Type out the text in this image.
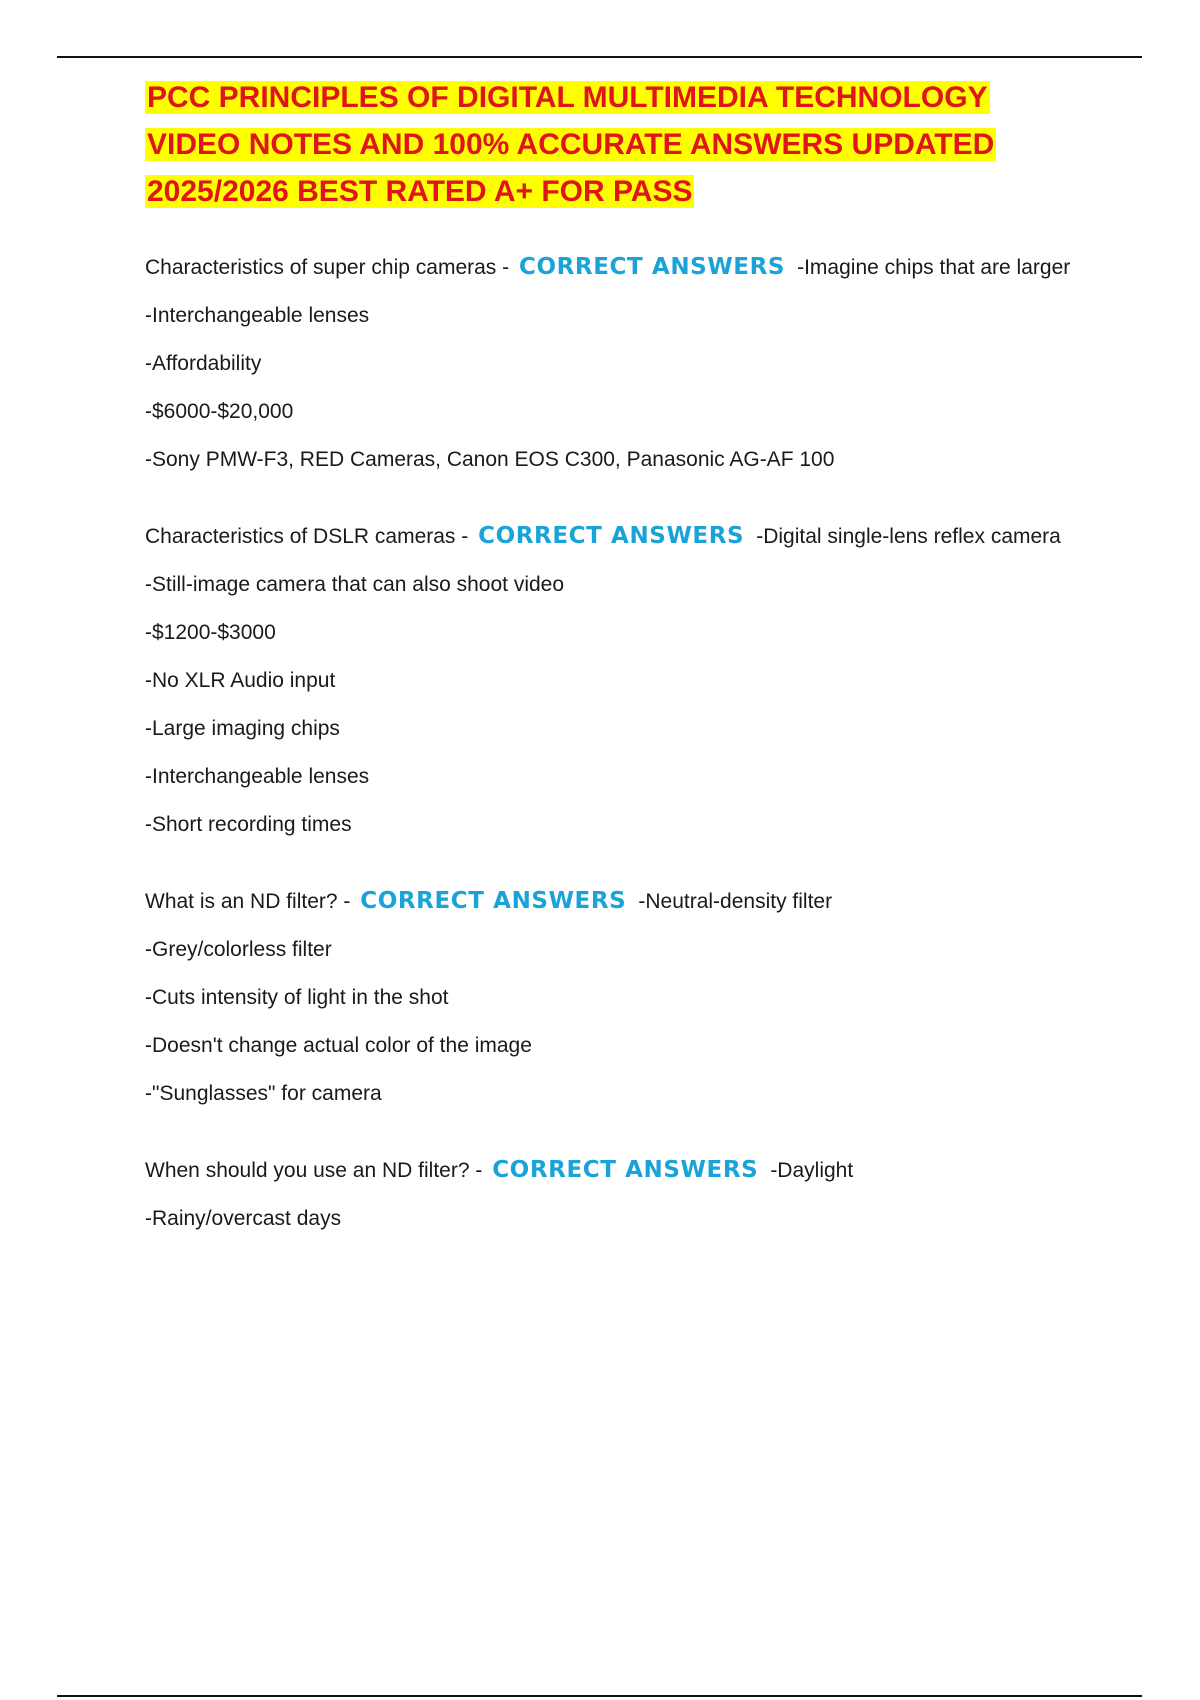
PCC PRINCIPLES OF DIGITAL MULTIMEDIA TECHNOLOGY
VIDEO NOTES AND 100% ACCURATE ANSWERS UPDATED
2025/2026 BEST RATED A+ FOR PASS

Characteristics of super chip cameras - CORRECT ANSWERS -Imagine chips that are larger

-Interchangeable lenses

-Affordability

-$6000-$20,000

-Sony PMW-F3, RED Cameras, Canon EOS C300, Panasonic AG-AF 100

Characteristics of DSLR cameras - CORRECT ANSWERS -Digital single-lens reflex camera

-Still-image camera that can also shoot video

-$1200-$3000

-No XLR Audio input

-Large imaging chips

-Interchangeable lenses

-Short recording times

What is an ND filter? - CORRECT ANSWERS -Neutral-density filter

-Grey/colorless filter

-Cuts intensity of light in the shot

-Doesn't change actual color of the image

-"Sunglasses" for camera

When should you use an ND filter? - CORRECT ANSWERS -Daylight

-Rainy/overcast days
